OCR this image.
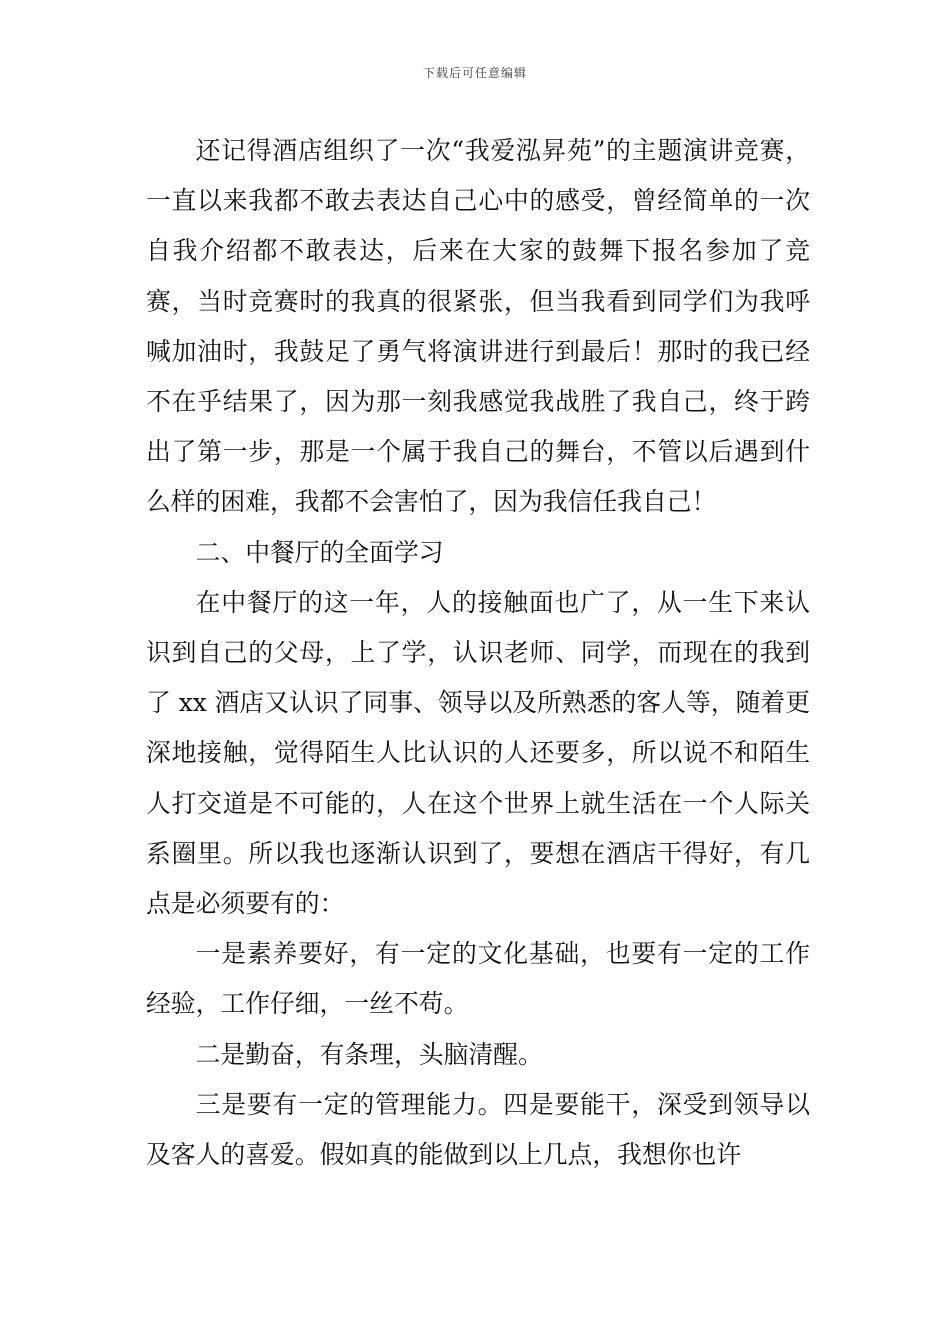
下载后可任意编辑

还记得酒店组织了一次“我爱泓昇苑”的主题演讲竞赛，一直以来我都不敢去表达自己心中的感受，曾经简单的一次自我介绍都不敢表达，后来在大家的鼓舞下报名参加了竞赛，当时竞赛时的我真的很紧张，但当我看到同学们为我呼喊加油时，我鼓足了勇气将演讲进行到最后！那时的我已经不在乎结果了，因为那一刻我感觉我战胜了我自己，终于跨出了第一步，那是一个属于我自己的舞台，不管以后遇到什么样的困难，我都不会害怕了，因为我信任我自己！

二、中餐厅的全面学习

在中餐厅的这一年，人的接触面也广了，从一生下来认识到自己的父母，上了学，认识老师、同学，而现在的我到了 xx 酒店又认识了同事、领导以及所熟悉的客人等，随着更深地接触，觉得陌生人比认识的人还要多，所以说不和陌生人打交道是不可能的，人在这个世界上就生活在一个人际关系圈里。所以我也逐渐认识到了，要想在酒店干得好，有几点是必须要有的：

一是素养要好，有一定的文化基础，也要有一定的工作经验，工作仔细，一丝不苟。

二是勤奋，有条理，头脑清醒。

三是要有一定的管理能力。四是要能干，深受到领导以及客人的喜爱。假如真的能做到以上几点，我想你也许
